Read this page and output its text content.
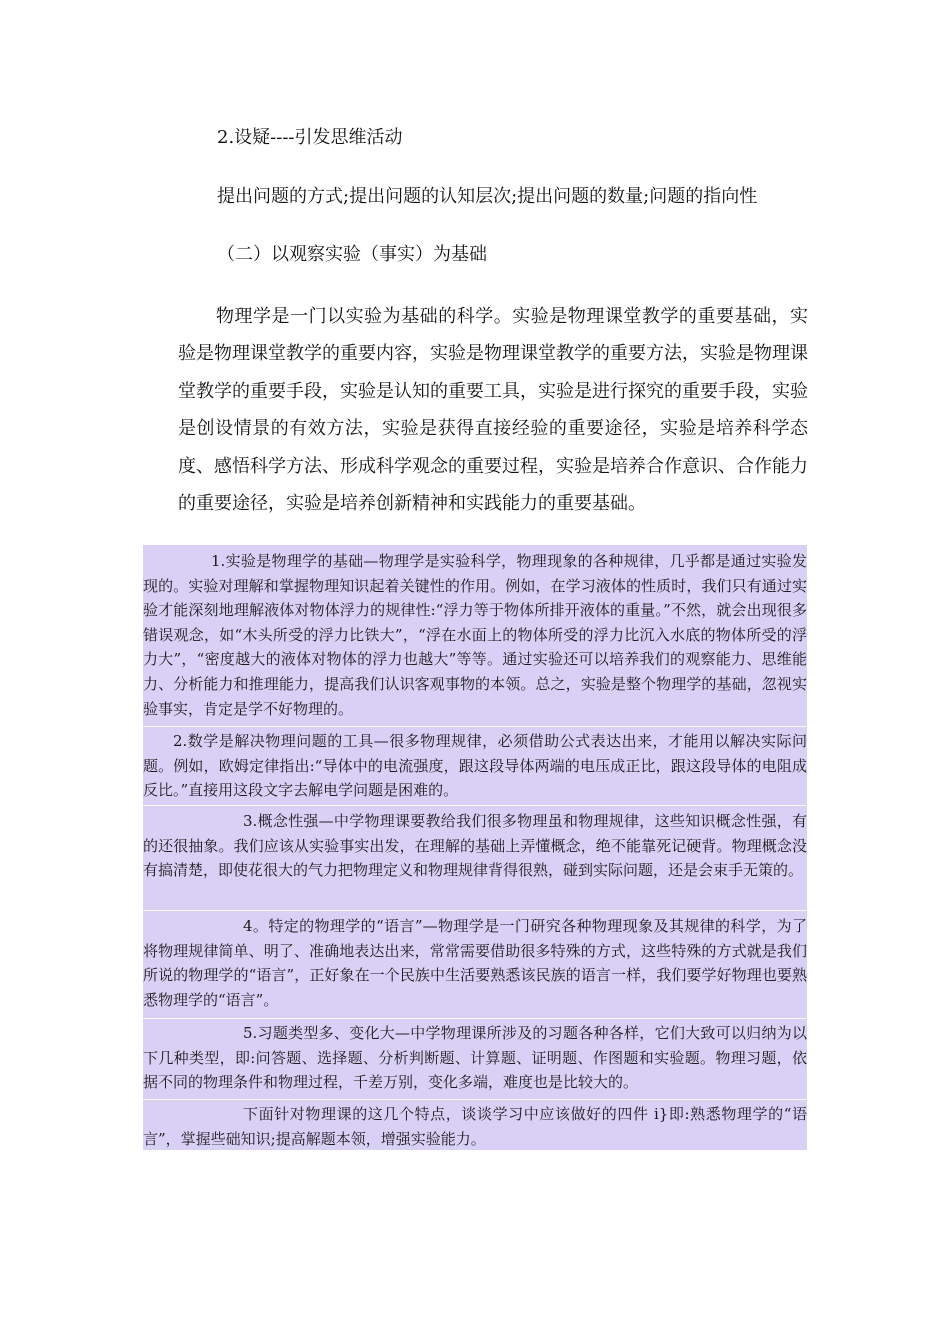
2.设疑----引发思维活动
提出问题的方式;提出问题的认知层次;提出问题的数量;问题的指向性
（二）以观察实验（事实）为基础
物理学是一门以实验为基础的科学。实验是物理课堂教学的重要基础，实验是物理课堂教学的重要内容，实验是物理课堂教学的重要方法，实验是物理课堂教学的重要手段，实验是认知的重要工具，实验是进行探究的重要手段，实验是创设情景的有效方法，实验是获得直接经验的重要途径，实验是培养科学态度、感悟科学方法、形成科学观念的重要过程，实验是培养合作意识、合作能力的重要途径，实验是培养创新精神和实践能力的重要基础。
1.实验是物理学的基础—物理学是实验科学，物理现象的各种规律，几乎都是通过实验发现的。实验对理解和掌握物理知识起着关键性的作用。例如，在学习液体的性质时，我们只有通过实验才能深刻地理解液体对物体浮力的规律性:“浮力等于物体所排开液体的重量。”不然，就会出现很多错误观念，如“木头所受的浮力比铁大”，“浮在水面上的物体所受的浮力比沉入水底的物体所受的浮力大”，“密度越大的液体对物体的浮力也越大”等等。通过实验还可以培养我们的观察能力、思维能力、分析能力和推理能力，提高我们认识客观事物的本领。总之，实验是整个物理学的基础，忽视实验事实，肯定是学不好物理的。
2.数学是解决物理问题的工具—很多物理规律，必须借助公式表达出来，才能用以解决实际问题。例如，欧姆定律指出:“导体中的电流强度，跟这段导体两端的电压成正比，跟这段导体的电阻成反比。”直接用这段文字去解电学问题是困难的。
3.概念性强—中学物理课要教给我们很多物理虽和物理规律，这些知识概念性强，有的还很抽象。我们应该从实验事实出发，在理解的基础上弄懂概念，绝不能靠死记硬背。物理概念没有搞清楚，即使花很大的气力把物理定义和物理规律背得很熟，碰到实际问题，还是会束手无策的。
4。特定的物理学的“语言”—物理学是一门研究各种物理现象及其规律的科学，为了将物理规律简单、明了、准确地表达出来，常常需要借助很多特殊的方式，这些特殊的方式就是我们所说的物理学的“语言”，正好象在一个民族中生活要熟悉该民族的语言一样，我们要学好物理也要熟悉物理学的“语言”。
5.习题类型多、变化大—中学物理课所涉及的习题各种各样，它们大致可以归纳为以下几种类型，即:问答题、选择题、分析判断题、计算题、证明题、作图题和实验题。物理习题，依据不同的物理条件和物理过程，千差万别，变化多端，难度也是比较大的。
下面针对物理课的这几个特点，谈谈学习中应该做好的四件 i}即:熟悉物理学的“语言”，掌握些础知识;提高解题本领，增强实验能力。
